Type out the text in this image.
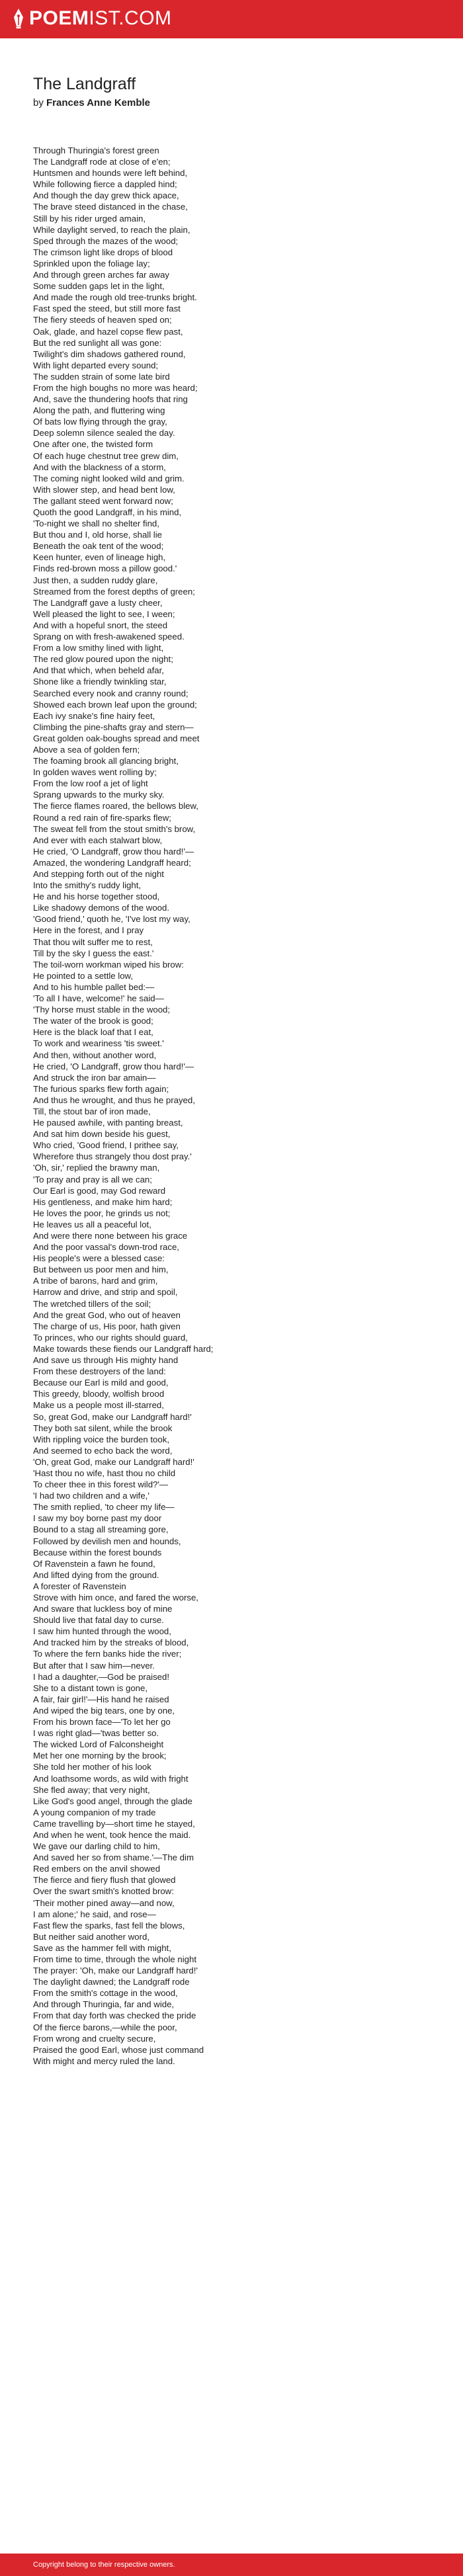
POEMIST.COM
The Landgraff
by Frances Anne Kemble
Through Thuringia's forest green
The Landgraff rode at close of e'en;
Huntsmen and hounds were left behind,
While following fierce a dappled hind;
And though the day grew thick apace,
The brave steed distanced in the chase,
Still by his rider urged amain,
While daylight served, to reach the plain,
Sped through the mazes of the wood;
The crimson light like drops of blood
Sprinkled upon the foliage lay;
And through green arches far away
Some sudden gaps let in the light,
And made the rough old tree-trunks bright.
Fast sped the steed, but still more fast
The fiery steeds of heaven sped on;
Oak, glade, and hazel copse flew past,
But the red sunlight all was gone:
Twilight's dim shadows gathered round,
With light departed every sound;
The sudden strain of some late bird
From the high boughs no more was heard;
And, save the thundering hoofs that ring
Along the path, and fluttering wing
Of bats low flying through the gray,
Deep solemn silence sealed the day.
One after one, the twisted form
Of each huge chestnut tree grew dim,
And with the blackness of a storm,
The coming night looked wild and grim.
With slower step, and head bent low,
The gallant steed went forward now;
Quoth the good Landgraff, in his mind,
'To-night we shall no shelter find,
But thou and I, old horse, shall lie
Beneath the oak tent of the wood;
Keen hunter, even of lineage high,
Finds red-brown moss a pillow good.'
Just then, a sudden ruddy glare,
Streamed from the forest depths of green;
The Landgraff gave a lusty cheer,
Well pleased the light to see, I ween;
And with a hopeful snort, the steed
Sprang on with fresh-awakened speed.
From a low smithy lined with light,
The red glow poured upon the night;
And that which, when beheld afar,
Shone like a friendly twinkling star,
Searched every nook and cranny round;
Showed each brown leaf upon the ground;
Each ivy snake's fine hairy feet,
Climbing the pine-shafts gray and stern—
Great golden oak-boughs spread and meet
Above a sea of golden fern;
The foaming brook all glancing bright,
In golden waves went rolling by;
From the low roof a jet of light
Sprang upwards to the murky sky.
The fierce flames roared, the bellows blew,
Round a red rain of fire-sparks flew;
The sweat fell from the stout smith's brow,
And ever with each stalwart blow,
He cried, 'O Landgraff, grow thou hard!'—
Amazed, the wondering Landgraff heard;
And stepping forth out of the night
Into the smithy's ruddy light,
He and his horse together stood,
Like shadowy demons of the wood.
'Good friend,' quoth he, 'I've lost my way,
Here in the forest, and I pray
That thou wilt suffer me to rest,
Till by the sky I guess the east.'
The toil-worn workman wiped his brow:
He pointed to a settle low,
And to his humble pallet bed:—
'To all I have, welcome!' he said—
'Thy horse must stable in the wood;
The water of the brook is good;
Here is the black loaf that I eat,
To work and weariness 'tis sweet.'
And then, without another word,
He cried, 'O Landgraff, grow thou hard!'—
And struck the iron bar amain—
The furious sparks flew forth again;
And thus he wrought, and thus he prayed,
Till, the stout bar of iron made,
He paused awhile, with panting breast,
And sat him down beside his guest,
Who cried, 'Good friend, I prithee say,
Wherefore thus strangely thou dost pray.'
'Oh, sir,' replied the brawny man,
'To pray and pray is all we can;
Our Earl is good, may God reward
His gentleness, and make him hard;
He loves the poor, he grinds us not;
He leaves us all a peaceful lot,
And were there none between his grace
And the poor vassal's down-trod race,
His people's were a blessed case:
But between us poor men and him,
A tribe of barons, hard and grim,
Harrow and drive, and strip and spoil,
The wretched tillers of the soil;
And the great God, who out of heaven
The charge of us, His poor, hath given
To princes, who our rights should guard,
Make towards these fiends our Landgraff hard;
And save us through His mighty hand
From these destroyers of the land:
Because our Earl is mild and good,
This greedy, bloody, wolfish brood
Make us a people most ill-starred,
So, great God, make our Landgraff hard!'
They both sat silent, while the brook
With rippling voice the burden took,
And seemed to echo back the word,
'Oh, great God, make our Landgraff hard!'
'Hast thou no wife, hast thou no child
To cheer thee in this forest wild?'—
'I had two children and a wife,'
The smith replied, 'to cheer my life—
I saw my boy borne past my door
Bound to a stag all streaming gore,
Followed by devilish men and hounds,
Because within the forest bounds
Of Ravenstein a fawn he found,
And lifted dying from the ground.
A forester of Ravenstein
Strove with him once, and fared the worse,
And sware that luckless boy of mine
Should live that fatal day to curse.
I saw him hunted through the wood,
And tracked him by the streaks of blood,
To where the fern banks hide the river;
But after that I saw him—never.
I had a daughter,—God be praised!
She to a distant town is gone,
A fair, fair girl!'—His hand he raised
And wiped the big tears, one by one,
From his brown face—'To let her go
I was right glad—'twas better so.
The wicked Lord of Falconsheight
Met her one morning by the brook;
She told her mother of his look
And loathsome words, as wild with fright
She fled away; that very night,
Like God's good angel, through the glade
A young companion of my trade
Came travelling by—short time he stayed,
And when he went, took hence the maid.
We gave our darling child to him,
And saved her so from shame.'—The dim
Red embers on the anvil showed
The fierce and fiery flush that glowed
Over the swart smith's knotted brow:
'Their mother pined away—and now,
I am alone;' he said, and rose—
Fast flew the sparks, fast fell the blows,
But neither said another word,
Save as the hammer fell with might,
From time to time, through the whole night
The prayer: 'Oh, make our Landgraff hard!'
The daylight dawned; the Landgraff rode
From the smith's cottage in the wood,
And through Thuringia, far and wide,
From that day forth was checked the pride
Of the fierce barons,—while the poor,
From wrong and cruelty secure,
Praised the good Earl, whose just command
With might and mercy ruled the land.
Copyright belong to their respective owners.
